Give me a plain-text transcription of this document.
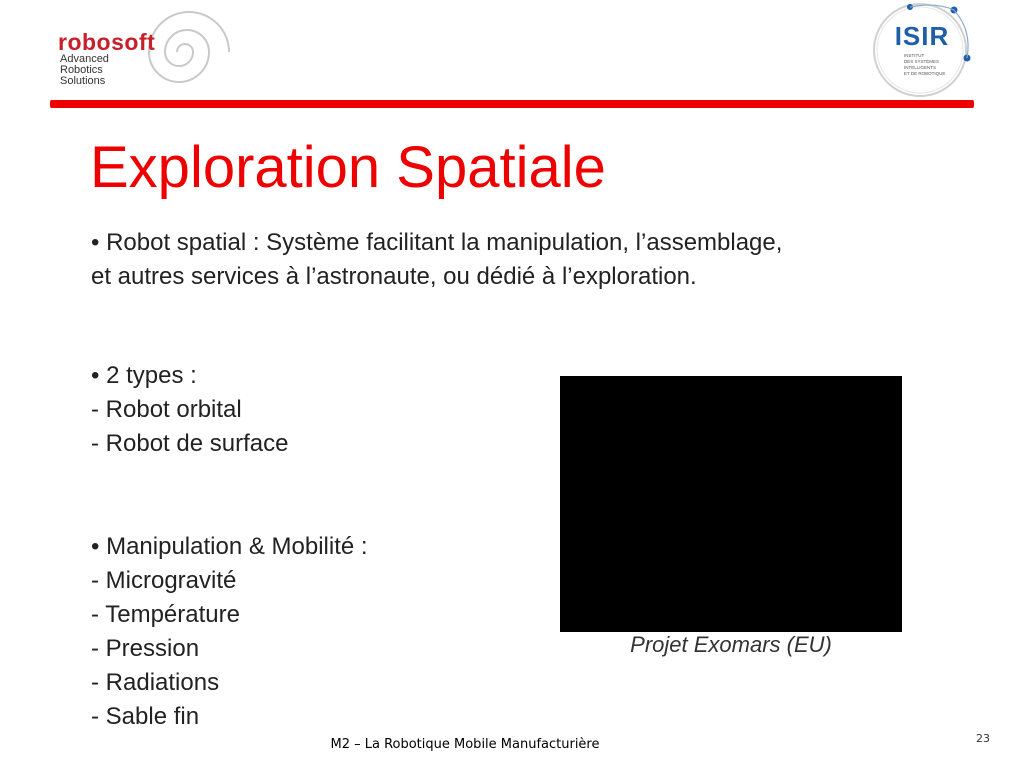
robosoft
Advanced
Robotics
Solutions
ISIR
INSTITUT
DES SYSTÈMES
INTELLIGENTS
ET DE ROBOTIQUE
Exploration Spatiale
• Robot spatial : Système facilitant la manipulation, l’assemblage,
et autres services à l’astronaute, ou dédié à l’exploration.
• 2 types :
- Robot orbital
- Robot de surface
• Manipulation & Mobilité :
- Microgravité
- Température
- Pression
- Radiations
- Sable fin
Projet Exomars (EU)
M2 – La Robotique Mobile Manufacturière	23
